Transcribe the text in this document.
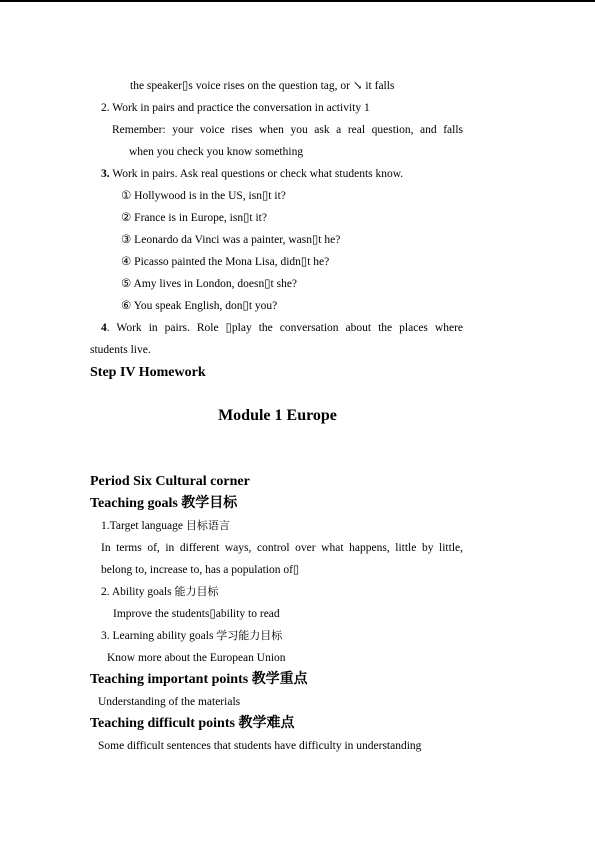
the speaker▯s voice rises on the question tag, or ↘ it falls
2. Work in pairs and practice the conversation in activity 1
Remember: your voice rises when you ask a real question, and falls
when you check you know something
3. Work in pairs. Ask real questions or check what students know.
① Hollywood is in the US, isn▯t it?
② France is in Europe, isn▯t it?
③ Leonardo da Vinci was a painter, wasn▯t he?
④ Picasso painted the Mona Lisa, didn▯t he?
⑤ Amy lives in London, doesn▯t she?
⑥ You speak English, don▯t you?
4. Work in pairs. Role ▯play the conversation about the places where
students live.
Step IV Homework
Module 1 Europe
Period Six Cultural corner
Teaching goals 教学目标
1.Target language 目标语言
In terms of, in different ways, control over what happens, little by little,
belong to, increase to, has a population of▯
2. Ability goals 能力目标
Improve the students▯ability to read
3. Learning ability goals 学习能力目标
Know more about the European Union
Teaching important points 教学重点
Understanding of the materials
Teaching difficult points 教学难点
Some difficult sentences that students have difficulty in understanding
